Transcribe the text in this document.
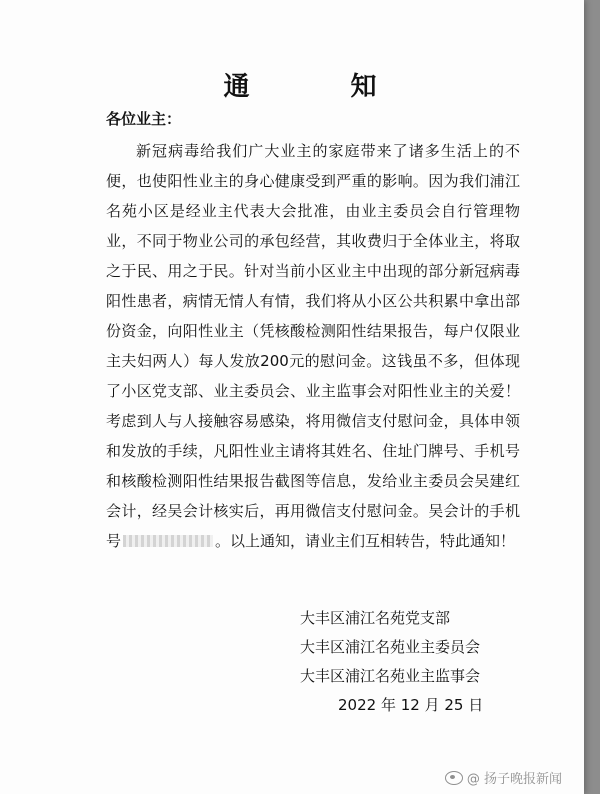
通 知
各位业主：
新冠病毒给我们广大业主的家庭带来了诸多生活上的不便，也使阳性业主的身心健康受到严重的影响。因为我们浦江名苑小区是经业主代表大会批准，由业主委员会自行管理物业，不同于物业公司的承包经营，其收费归于全体业主，将取之于民、用之于民。针对当前小区业主中出现的部分新冠病毒阳性患者，病情无情人有情，我们将从小区公共积累中拿出部份资金，向阳性业主（凭核酸检测阳性结果报告，每户仅限业主夫妇两人）每人发放200元的慰问金。这钱虽不多，但体现了小区党支部、业主委员会、业主监事会对阳性业主的关爱！考虑到人与人接触容易感染，将用微信支付慰问金，具体申领和发放的手续，凡阳性业主请将其姓名、住址门牌号、手机号和核酸检测阳性结果报告截图等信息，发给业主委员会吴建红会计，经吴会计核实后，再用微信支付慰问金。吴会计的手机号	。以上通知，请业主们互相转告，特此通知！
大丰区浦江名苑党支部
大丰区浦江名苑业主委员会
大丰区浦江名苑业主监事会
2022 年 12 月 25 日
@ 扬子晚报新闻
